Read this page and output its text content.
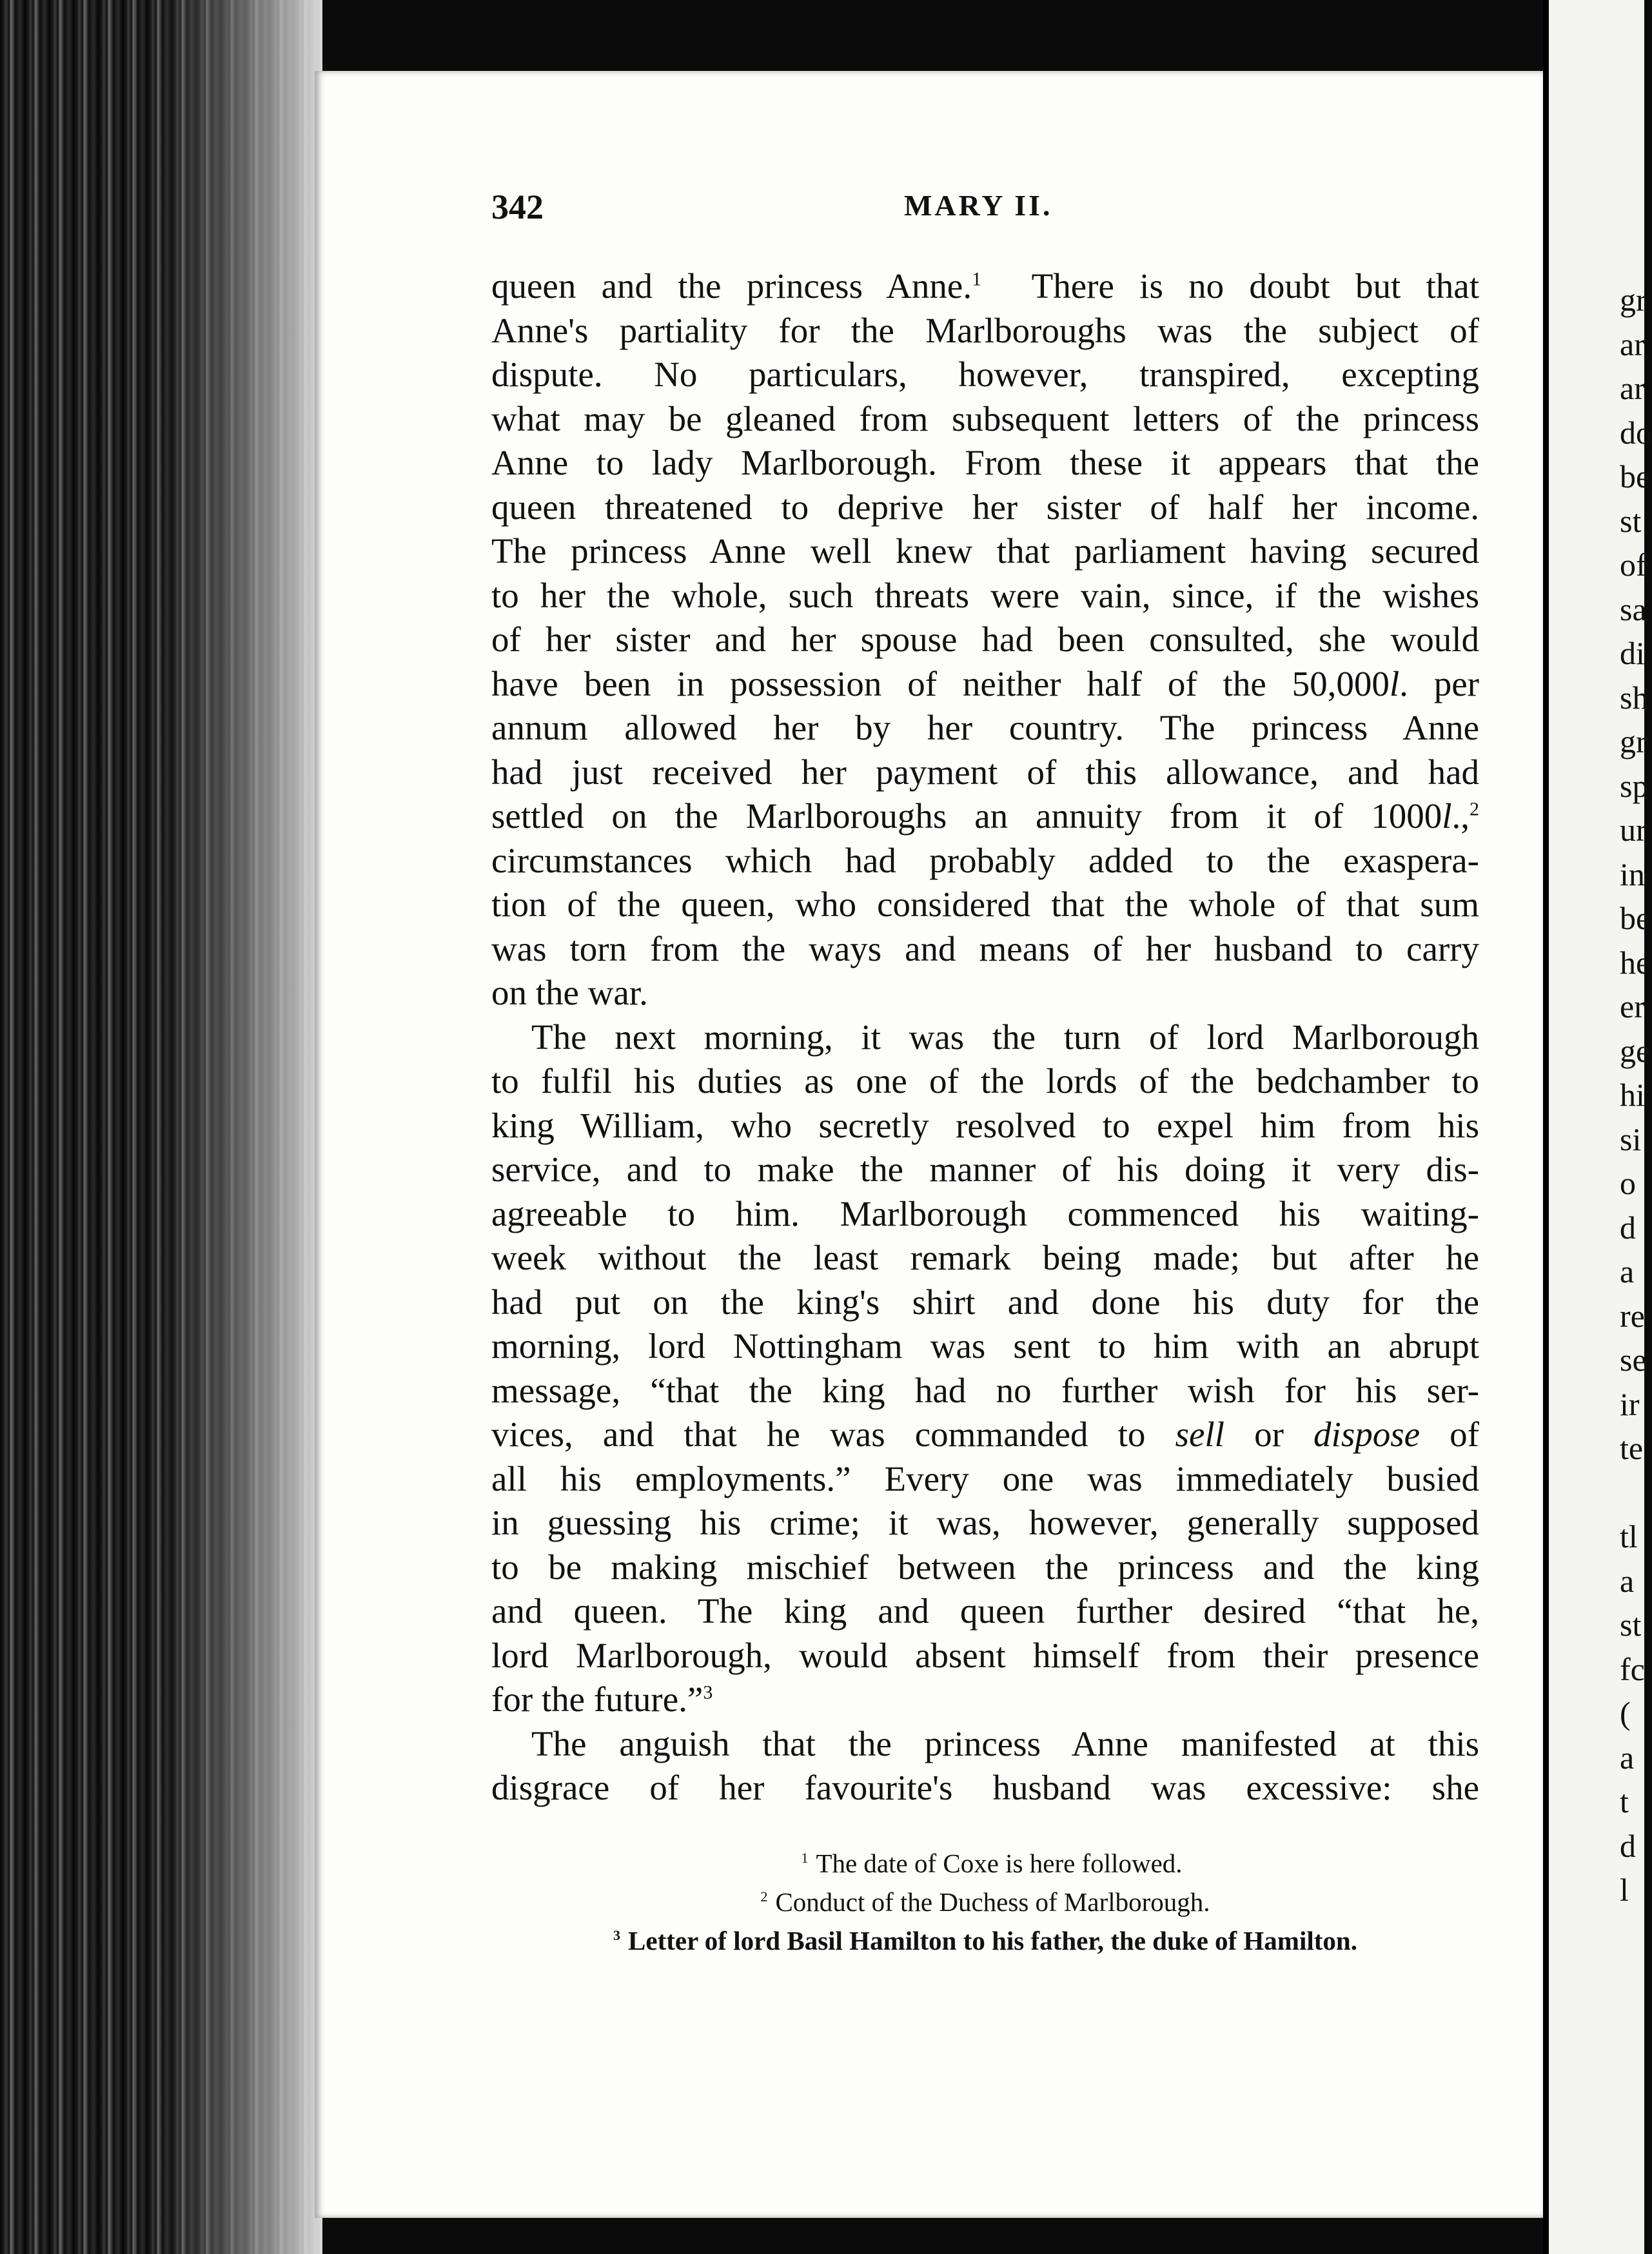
gr
ar
ar
do
be
st
of
sa
di
sh
gr
sp
ur
in
be
he
er
ge
hi
si
o
d
a
re
se
ir
te
tl
a
st
fc
(
a
t
d
l
342	MARY II.
queen and the princess Anne.$^1$ There is no doubt but that
Anne's partiality for the Marlboroughs was the subject of
dispute. No particulars, however, transpired, excepting
what may be gleaned from subsequent letters of the princess
Anne to lady Marlborough. From these it appears that the
queen threatened to deprive her sister of half her income.
The princess Anne well knew that parliament having secured
to her the whole, such threats were vain, since, if the wishes
of her sister and her spouse had been consulted, she would
have been in possession of neither half of the 50,000l. per
annum allowed her by her country. The princess Anne
had just received her payment of this allowance, and had
settled on the Marlboroughs an annuity from it of 1000l.,$^2$
circumstances which had probably added to the exaspera-
tion of the queen, who considered that the whole of that sum
was torn from the ways and means of her husband to carry
on the war.
The next morning, it was the turn of lord Marlborough
to fulfil his duties as one of the lords of the bedchamber to
king William, who secretly resolved to expel him from his
service, and to make the manner of his doing it very dis-
agreeable to him. Marlborough commenced his waiting-
week without the least remark being made; but after he
had put on the king's shirt and done his duty for the
morning, lord Nottingham was sent to him with an abrupt
message, “that the king had no further wish for his ser-
vices, and that he was commanded to sell or dispose of
all his employments.” Every one was immediately busied
in guessing his crime; it was, however, generally supposed
to be making mischief between the princess and the king
and queen. The king and queen further desired “that he,
lord Marlborough, would absent himself from their presence
for the future.”$^3$
The anguish that the princess Anne manifested at this
disgrace of her favourite's husband was excessive: she
$^1$ The date of Coxe is here followed.
$^2$ Conduct of the Duchess of Marlborough.
$^3$ Letter of lord Basil Hamilton to his father, the duke of Hamilton.
